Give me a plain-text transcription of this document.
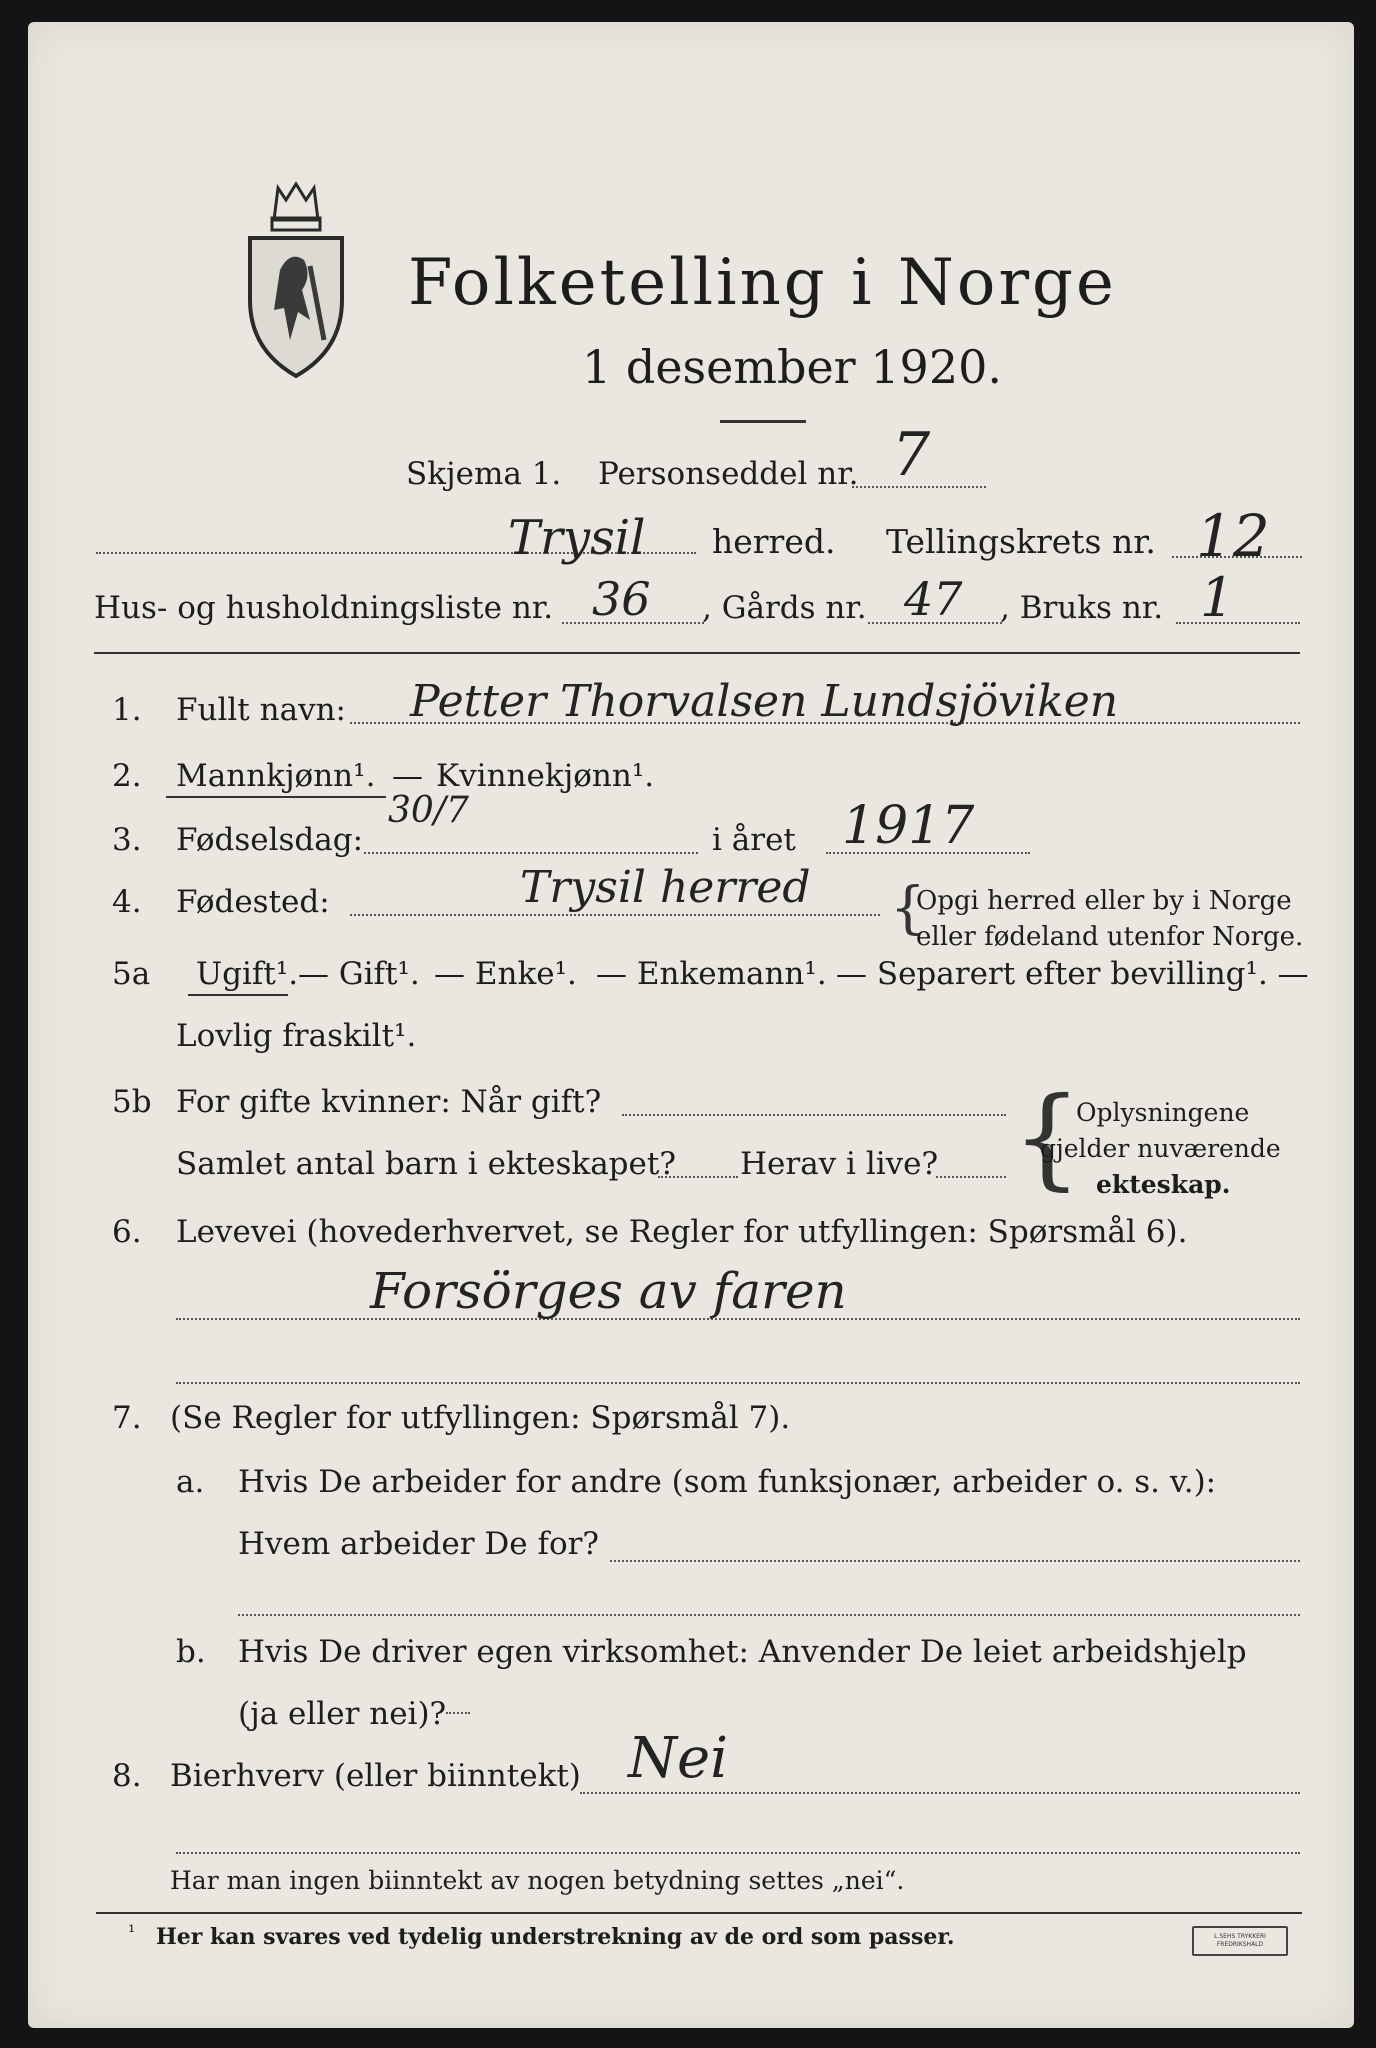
Folketelling i Norge
1 desember 1920.
Skjema 1. Personseddel nr. 7
Trysil herred. Tellingskrets nr. 12
Hus- og husholdningsliste nr. 36 , Gårds nr. 47 , Bruks nr. 1
1. Fullt navn: Petter Thorvalsen Lundsjöviken
2. Mannkjønn¹. — Kvinnekjønn¹.
3. Fødselsdag:
30/7
i året 1917
4. Fødested:	Trysil herred {
Opgi herred eller by i Norge
eller fødeland utenfor Norge.
5a Ugift¹. — Gift¹. — Enke¹. — Enkemann¹. — Separert efter bevilling¹. —
Lovlig fraskilt¹.
5b For gifte kvinner: Når gift?
Samlet antal barn i ekteskapet? Herav i live? {
Oplysningene
gjelder nuværende
ekteskap.
6. Levevei (hovederhvervet, se Regler for utfyllingen: Spørsmål 6).
Forsörges av faren
7. (Se Regler for utfyllingen: Spørsmål 7).
a. Hvis De arbeider for andre (som funksjonær, arbeider o. s. v.):
Hvem arbeider De for?
b. Hvis De driver egen virksomhet: Anvender De leiet arbeidshjelp
(ja eller nei)?
8. Bierhverv (eller biinntekt) Nei
Har man ingen biinntekt av nogen betydning settes „nei“.
¹ Her kan svares ved tydelig understrekning av de ord som passer.	L.SEHS TRYKKERI FREDRIKSHALD
